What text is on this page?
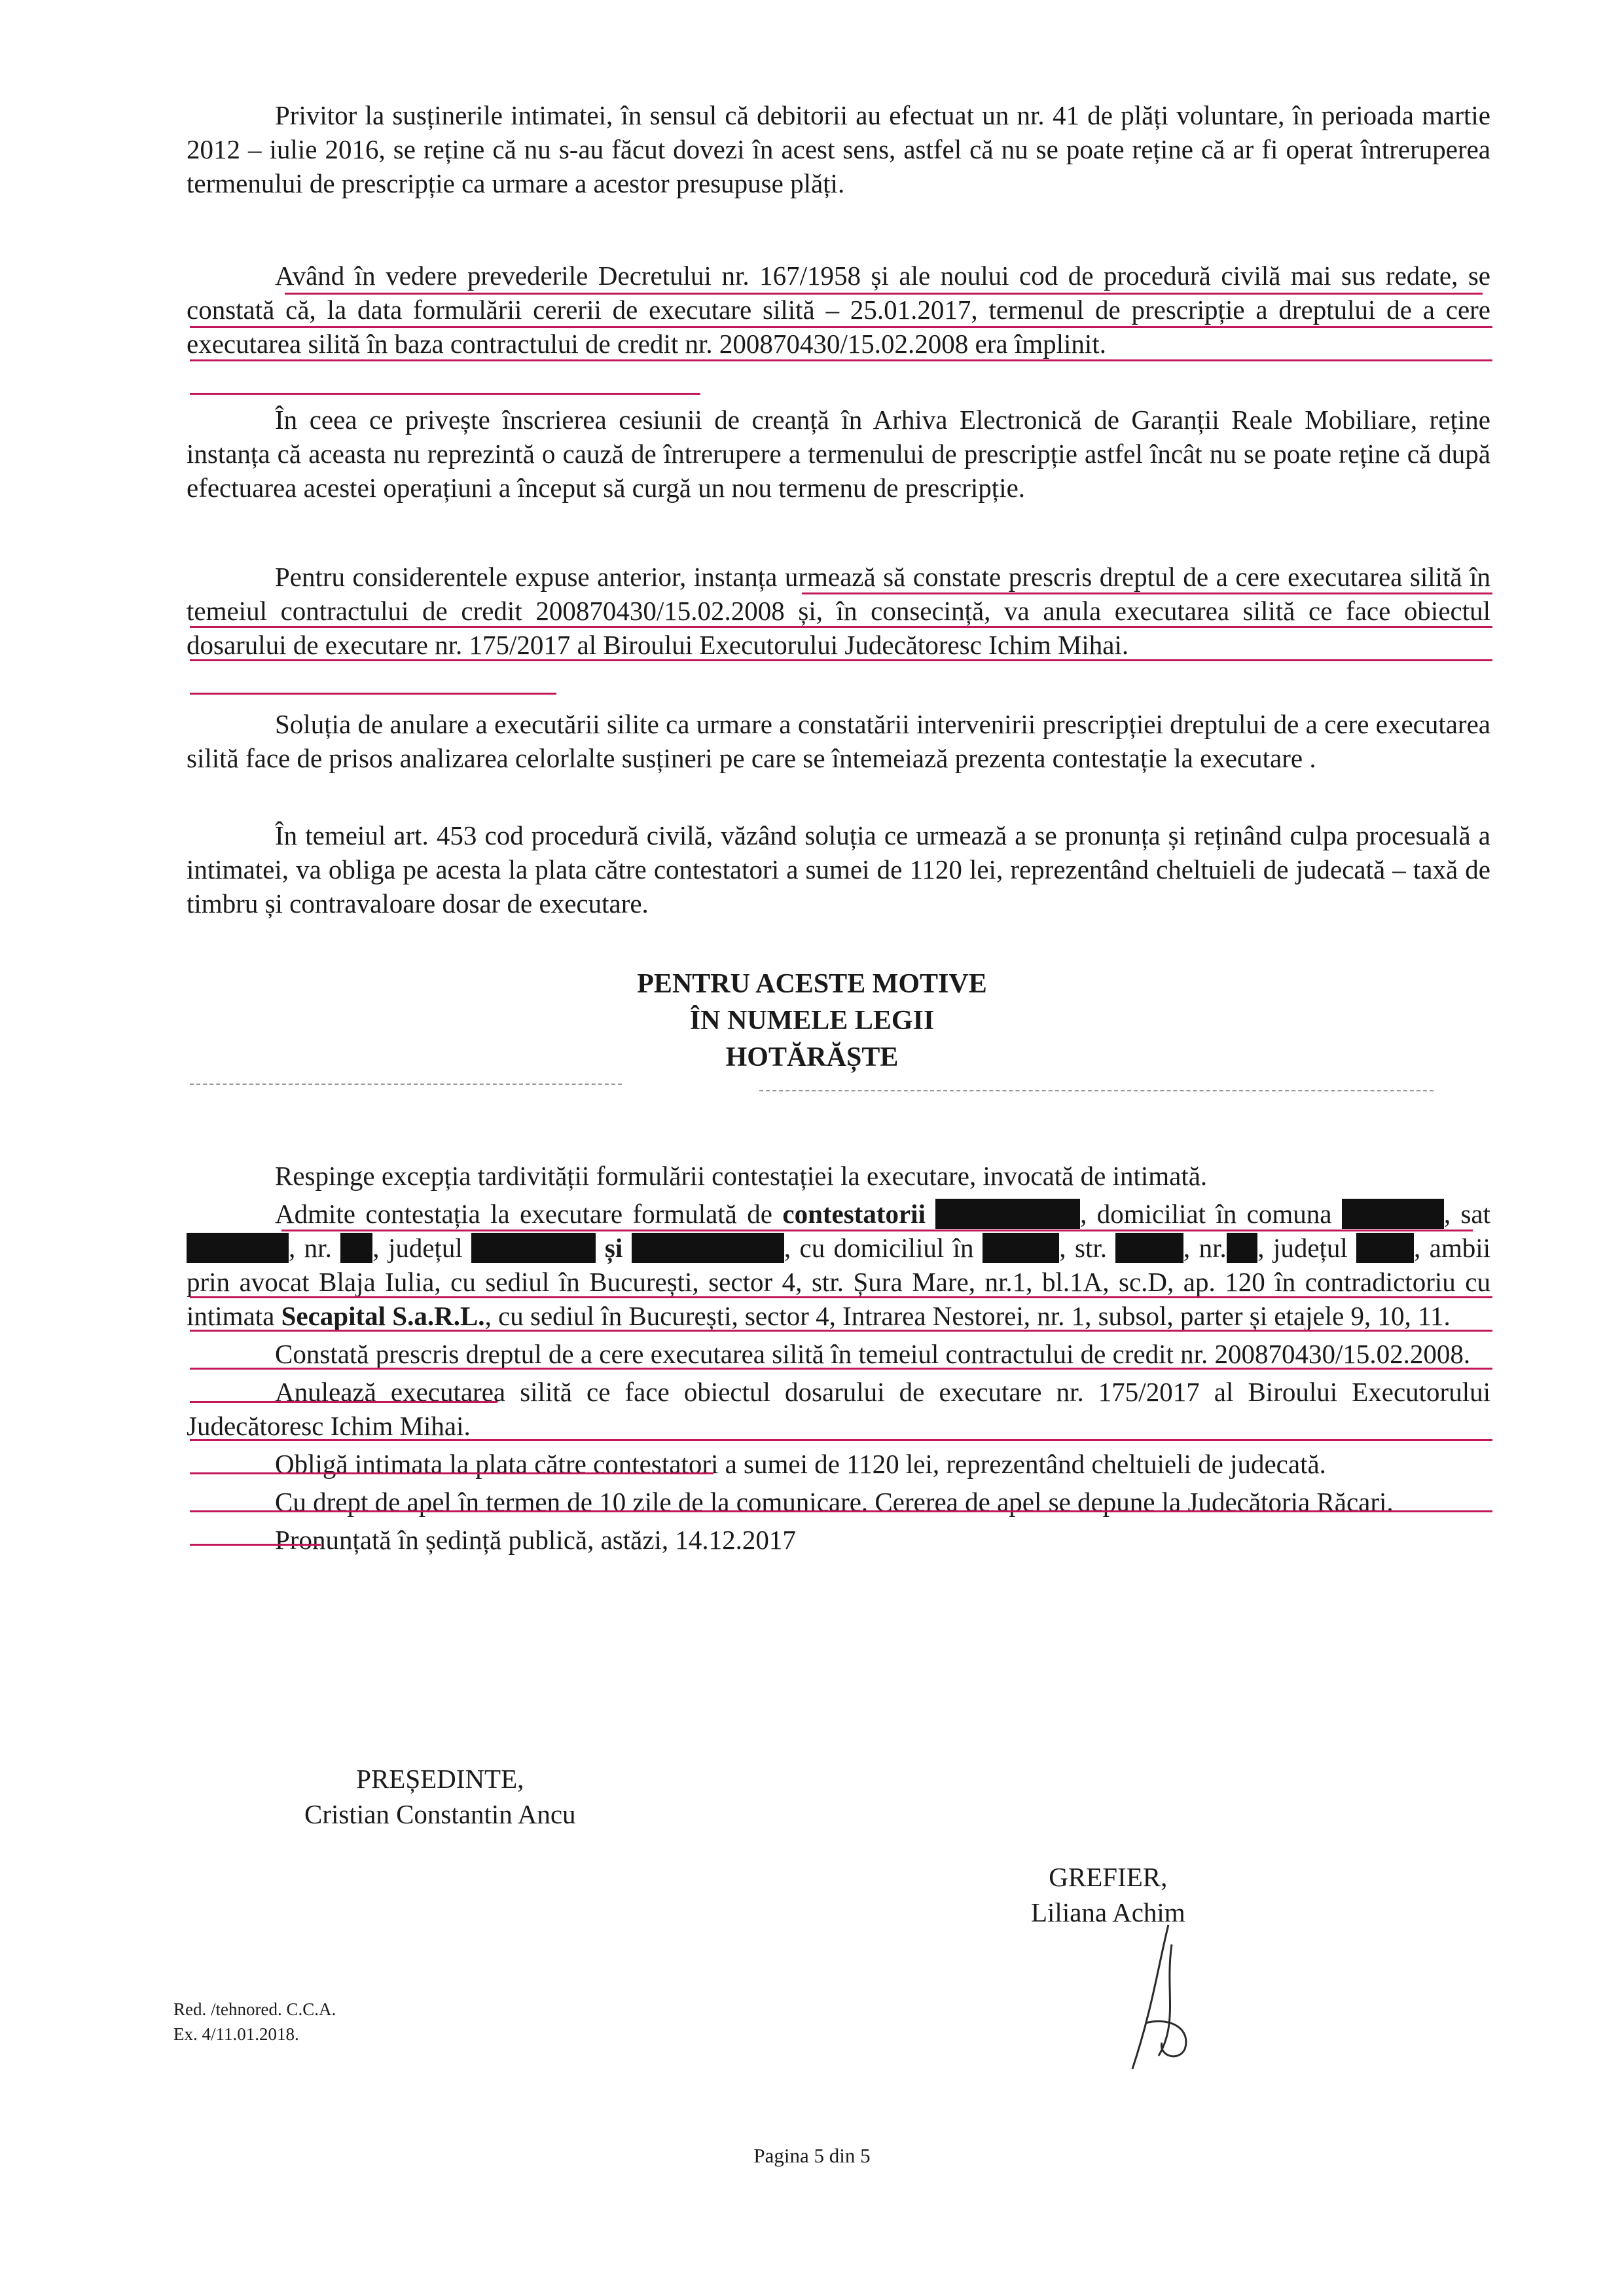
Privitor la susținerile intimatei, în sensul că debitorii au efectuat un nr. 41 de plăți voluntare, în perioada martie 2012 – iulie 2016, se reține că nu s-au făcut dovezi în acest sens, astfel că nu se poate reține că ar fi operat întreruperea termenului de prescripție ca urmare a acestor presupuse plăți.

Având în vedere prevederile Decretului nr. 167/1958 și ale noului cod de procedură civilă mai sus redate, se constată că, la data formulării cererii de executare silită – 25.01.2017, termenul de prescripție a dreptului de a cere executarea silită în baza contractului de credit nr. 200870430/15.02.2008 era împlinit.

În ceea ce privește înscrierea cesiunii de creanță în Arhiva Electronică de Garanții Reale Mobiliare, reține instanța că aceasta nu reprezintă o cauză de întrerupere a termenului de prescripție astfel încât nu se poate reține că după efectuarea acestei operațiuni a început să curgă un nou termenu de prescripție.

Pentru considerentele expuse anterior, instanța urmează să constate prescris dreptul de a cere executarea silită în temeiul contractului de credit 200870430/15.02.2008 și, în consecință, va anula executarea silită ce face obiectul dosarului de executare nr. 175/2017 al Biroului Executorului Judecătoresc Ichim Mihai.

Soluția de anulare a executării silite ca urmare a constatării intervenirii prescripției dreptului de a cere executarea silită face de prisos analizarea celorlalte susțineri pe care se întemeiază prezenta contestație la executare .

În temeiul art. 453 cod procedură civilă, văzând soluția ce urmează a se pronunța și reținând culpa procesuală a intimatei, va obliga pe acesta la plata către contestatori a sumei de 1120 lei, reprezentând cheltuieli de judecată – taxă de timbru și contravaloare dosar de executare.

PENTRU ACESTE MOTIVE
ÎN NUMELE LEGII
HOTĂRĂȘTE

Respinge excepția tardivității formulării contestației la executare, invocată de intimată.

Admite contestația la executare formulată de contestatorii Ene Valerica, domiciliat în comuna Crevedia, sat Crevedia, nr. 64, județul Dâmbovița și Ene Marinela, cu domiciliul în Bulfea, str. Viilor, nr.11, județul Ilfov, ambii prin avocat Blaja Iulia, cu sediul în București, sector 4, str. Șura Mare, nr.1, bl.1A, sc.D, ap. 120 în contradictoriu cu intimata Secapital S.a.R.L., cu sediul în București, sector 4, Intrarea Nestorei, nr. 1, subsol, parter și etajele 9, 10, 11.

Constată prescris dreptul de a cere executarea silită în temeiul contractului de credit nr. 200870430/15.02.2008.

Anulează executarea silită ce face obiectul dosarului de executare nr. 175/2017 al Biroului Executorului Judecătoresc Ichim Mihai.

Obligă intimata la plata către contestatori a sumei de 1120 lei, reprezentând cheltuieli de judecată.

Cu drept de apel în termen de 10 zile de la comunicare. Cererea de apel se depune la Judecătoria Răcari.

Pronunțată în ședință publică, astăzi, 14.12.2017

PREȘEDINTE,
Cristian Constantin Ancu
GREFIER,
Liliana Achim
Red. /tehnored. C.C.A.
Ex. 4/11.01.2018.
Pagina 5 din 5
